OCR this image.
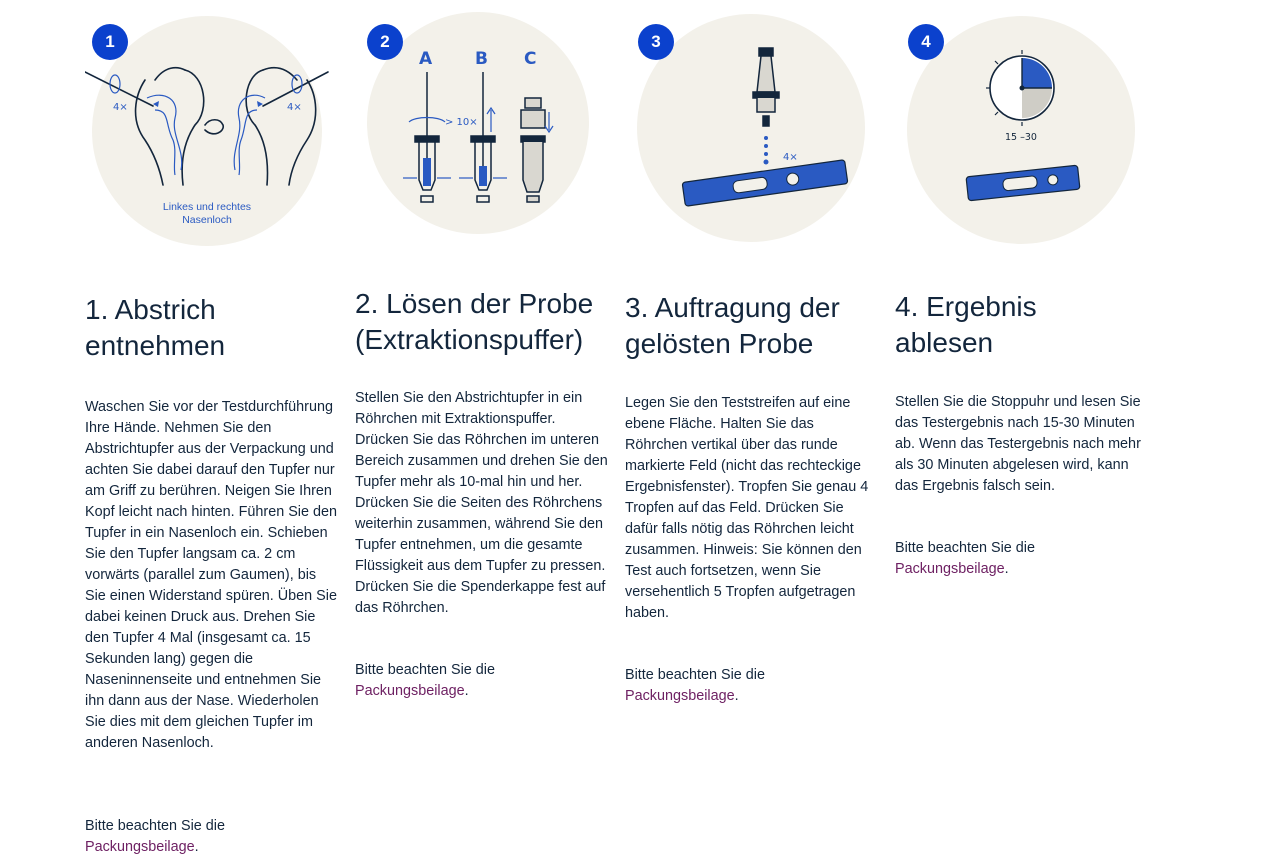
1
4×	4×
Linkes und rechtes
Nasenloch
1. Abstrich entnehmen

Waschen Sie vor der Testdurchführung Ihre Hände. Nehmen Sie den Abstrichtupfer aus der Verpackung und achten Sie dabei darauf den Tupfer nur am Griff zu berühren. Neigen Sie Ihren Kopf leicht nach hinten. Führen Sie den Tupfer in ein Nasenloch ein. Schieben Sie den Tupfer langsam ca. 2 cm vorwärts (parallel zum Gaumen), bis Sie einen Widerstand spüren. Üben Sie dabei keinen Druck aus. Drehen Sie den Tupfer 4 Mal (insgesamt ca. 15 Sekunden lang) gegen die Naseninnenseite und entnehmen Sie ihn dann aus der Nase. Wiederholen Sie dies mit dem gleichen Tupfer im anderen Nasenloch.

Bitte beachten Sie die
Packungsbeilage.

2
A	B C
> 10×
2. Lösen der Probe (Extraktionspuffer)

Stellen Sie den Abstrichtupfer in ein Röhrchen mit Extraktionspuffer. Drücken Sie das Röhrchen im unteren Bereich zusammen und drehen Sie den Tupfer mehr als 10-mal hin und her. Drücken Sie die Seiten des Röhrchens weiterhin zusammen, während Sie den Tupfer entnehmen, um die gesamte Flüssigkeit aus dem Tupfer zu pressen. Drücken Sie die Spenderkappe fest auf das Röhrchen.

Bitte beachten Sie die
Packungsbeilage.

3
4×
3. Auftragung der gelösten Probe

Legen Sie den Teststreifen auf eine ebene Fläche. Halten Sie das Röhrchen vertikal über das runde markierte Feld (nicht das rechteckige Ergebnisfenster). Tropfen Sie genau 4 Tropfen auf das Feld. Drücken Sie dafür falls nötig das Röhrchen leicht zusammen. Hinweis: Sie können den Test auch fortsetzen, wenn Sie versehentlich 5 Tropfen aufgetragen haben.

Bitte beachten Sie die
Packungsbeilage.

4
15 –30
4. Ergebnis ablesen

Stellen Sie die Stoppuhr und lesen Sie das Testergebnis nach 15-30 Minuten ab. Wenn das Testergebnis nach mehr als 30 Minuten abgelesen wird, kann das Ergebnis falsch sein.

Bitte beachten Sie die
Packungsbeilage.
